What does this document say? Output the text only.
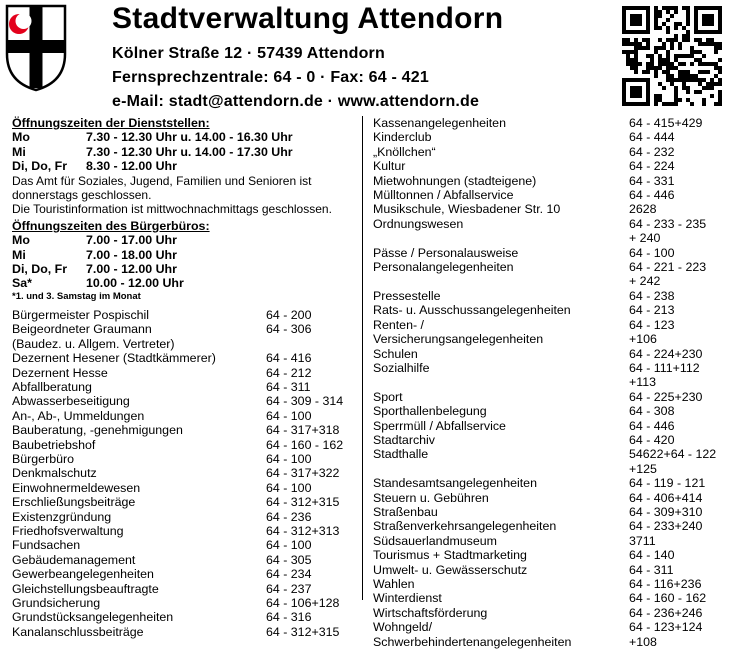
Stadtverwaltung Attendorn
Kölner Straße 12 · 57439 Attendorn
Fernsprechzentrale: 64 - 0 · Fax: 64 - 421
e-Mail: stadt@attendorn.de · www.attendorn.de
Öffnungszeiten der Dienststellen:
Mo	7.30 - 12.30 Uhr u. 14.00 - 16.30 Uhr
Mi	7.30 - 12.30 Uhr u. 14.00 - 17.30 Uhr
Di, Do, Fr	8.30 - 12.00 Uhr
Das Amt für Soziales, Jugend, Familien und Senioren ist donnerstags geschlossen.
Die Touristinformation ist mittwochnachmittags geschlossen.
Öffnungszeiten des Bürgerbüros:
Mo	7.00 - 17.00 Uhr
Mi	7.00 - 18.00 Uhr
Di, Do, Fr	7.00 - 12.00 Uhr
Sa*	10.00 - 12.00 Uhr
*1. und 3. Samstag im Monat
Bürgermeister Pospischil	64 - 200
Beigeordneter Graumann	64 - 306
(Baudez. u. Allgem. Vertreter)
Dezernent Hesener (Stadtkämmerer)	64 - 416
Dezernent Hesse	64 - 212
Abfallberatung	64 - 311
Abwasserbeseitigung	64 - 309 - 314
An-, Ab-, Ummeldungen	64 - 100
Bauberatung, -genehmigungen	64 - 317+318
Baubetriebshof	64 - 160 - 162
Bürgerbüro	64 - 100
Denkmalschutz	64 - 317+322
Einwohnermeldewesen	64 - 100
Erschließungsbeiträge	64 - 312+315
Existenzgründung	64 - 236
Friedhofsverwaltung	64 - 312+313
Fundsachen	64 - 100
Gebäudemanagement	64 - 305
Gewerbeangelegenheiten	64 - 234
Gleichstellungsbeauftragte	64 - 237
Grundsicherung	64 - 106+128
Grundstücksangelegenheiten	64 - 316
Kanalanschlussbeiträge	64 - 312+315
Kassenangelegenheiten	64 - 415+429
Kinderclub	64 - 444
„Knöllchen“	64 - 232
Kultur	64 - 224
Mietwohnungen (stadteigene)	64 - 331
Mülltonnen / Abfallservice	64 - 446
Musikschule, Wiesbadener Str. 10	2628
Ordnungswesen	64 - 233 - 235
+ 240
Pässe / Personalausweise	64 - 100
Personalangelegenheiten	64 - 221 - 223
+ 242
Pressestelle	64 - 238
Rats- u. Ausschussangelegenheiten	64 - 213
Renten- /	64 - 123
Versicherungsangelegenheiten	+106
Schulen	64 - 224+230
Sozialhilfe	64 - 111+112
+113
Sport	64 - 225+230
Sporthallenbelegung	64 - 308
Sperrmüll / Abfallservice	64 - 446
Stadtarchiv	64 - 420
Stadthalle	54622+64 - 122
+125
Standesamtsangelegenheiten	64 - 119 - 121
Steuern u. Gebühren	64 - 406+414
Straßenbau	64 - 309+310
Straßenverkehrsangelegenheiten	64 - 233+240
Südsauerlandmuseum	3711
Tourismus + Stadtmarketing	64 - 140
Umwelt- u. Gewässerschutz	64 - 311
Wahlen	64 - 116+236
Winterdienst	64 - 160 - 162
Wirtschaftsförderung	64 - 236+246
Wohngeld/	64 - 123+124
Schwerbehindertenangelegenheiten	+108
